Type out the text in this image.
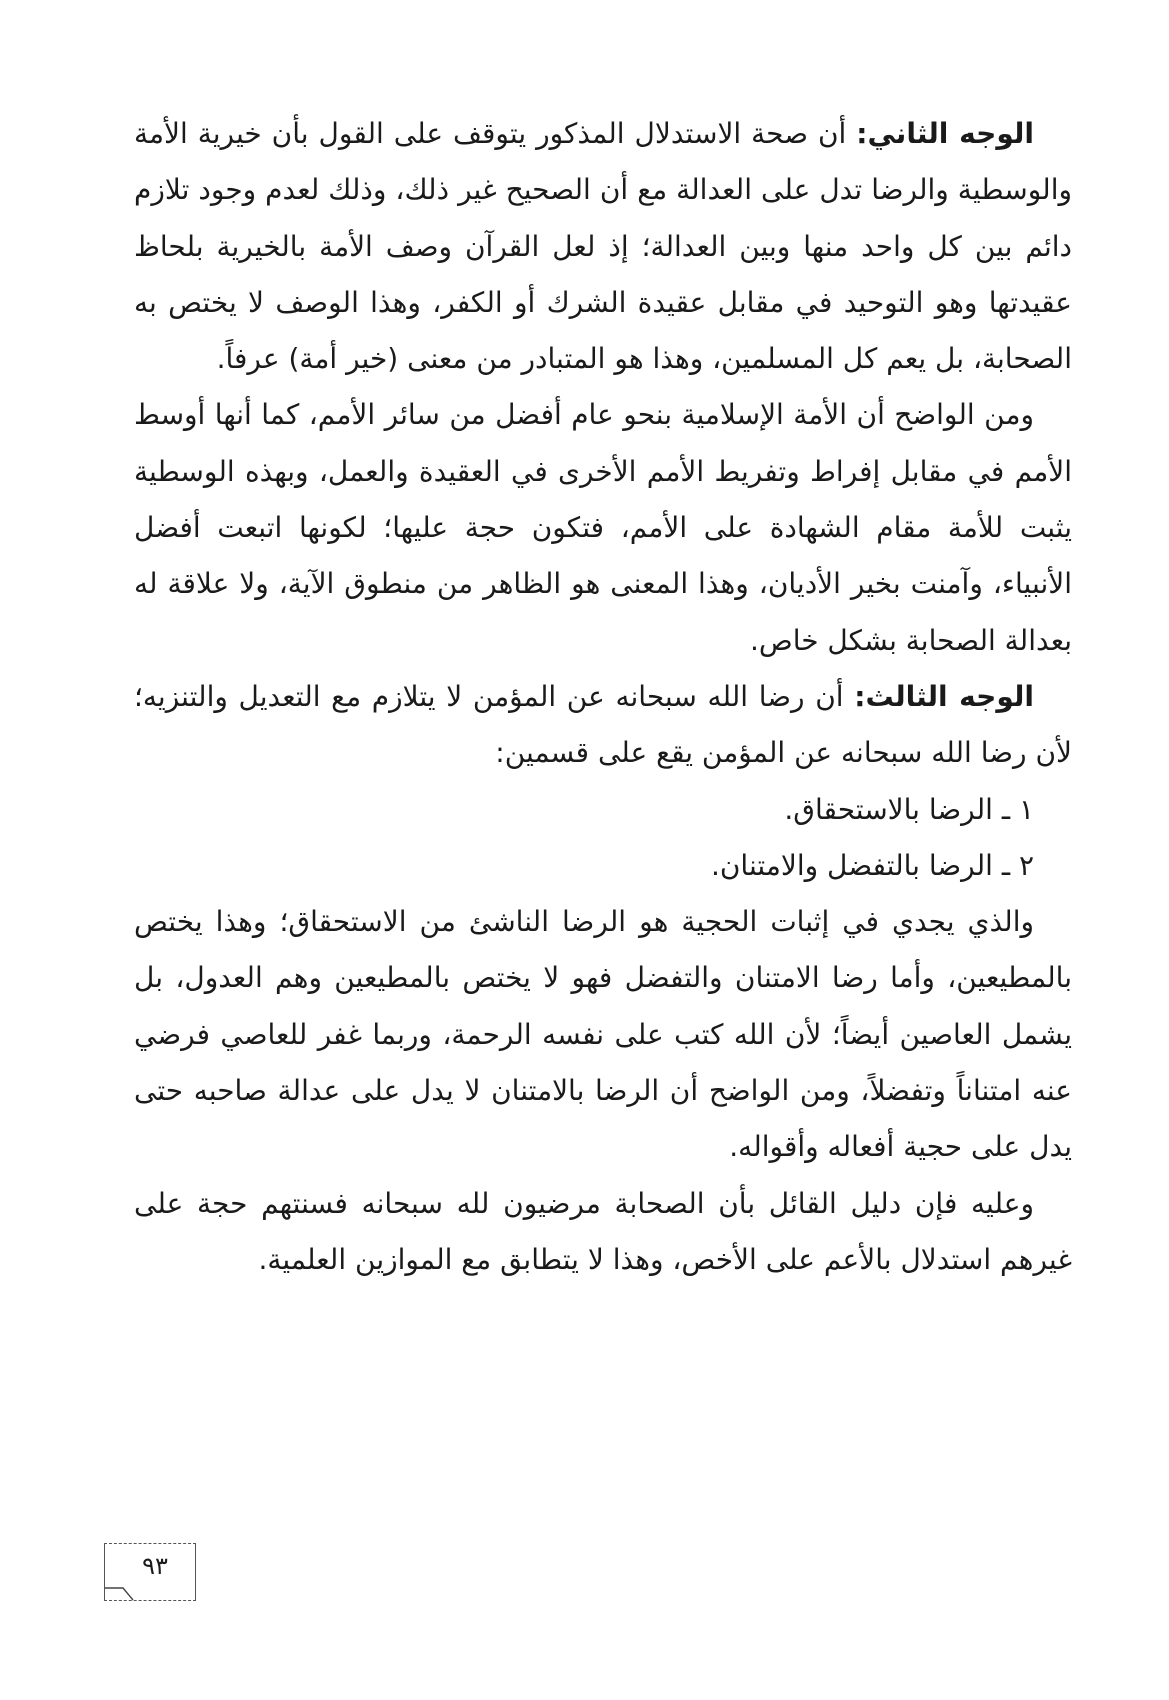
الوجه الثاني: أن صحة الاستدلال المذكور يتوقف على القول بأن خيرية الأمة والوسطية والرضا تدل على العدالة مع أن الصحيح غير ذلك، وذلك لعدم وجود تلازم دائم بين كل واحد منها وبين العدالة؛ إذ لعل القرآن وصف الأمة بالخيرية بلحاظ عقيدتها وهو التوحيد في مقابل عقيدة الشرك أو الكفر، وهذا الوصف لا يختص به الصحابة، بل يعم كل المسلمين، وهذا هو المتبادر من معنى (خير أمة) عرفاً.

ومن الواضح أن الأمة الإسلامية بنحو عام أفضل من سائر الأمم، كما أنها أوسط الأمم في مقابل إفراط وتفريط الأمم الأخرى في العقيدة والعمل، وبهذه الوسطية يثبت للأمة مقام الشهادة على الأمم، فتكون حجة عليها؛ لكونها اتبعت أفضل الأنبياء، وآمنت بخير الأديان، وهذا المعنى هو الظاهر من منطوق الآية، ولا علاقة له بعدالة الصحابة بشكل خاص.

الوجه الثالث: أن رضا الله سبحانه عن المؤمن لا يتلازم مع التعديل والتنزيه؛ لأن رضا الله سبحانه عن المؤمن يقع على قسمين:

١ ـ الرضا بالاستحقاق.

٢ ـ الرضا بالتفضل والامتنان.

والذي يجدي في إثبات الحجية هو الرضا الناشئ من الاستحقاق؛ وهذا يختص بالمطيعين، وأما رضا الامتنان والتفضل فهو لا يختص بالمطيعين وهم العدول، بل يشمل العاصين أيضاً؛ لأن الله كتب على نفسه الرحمة، وربما غفر للعاصي فرضي عنه امتناناً وتفضلاً، ومن الواضح أن الرضا بالامتنان لا يدل على عدالة صاحبه حتى يدل على حجية أفعاله وأقواله.

وعليه فإن دليل القائل بأن الصحابة مرضيون لله سبحانه فسنتهم حجة على غيرهم استدلال بالأعم على الأخص، وهذا لا يتطابق مع الموازين العلمية.

٩٣
